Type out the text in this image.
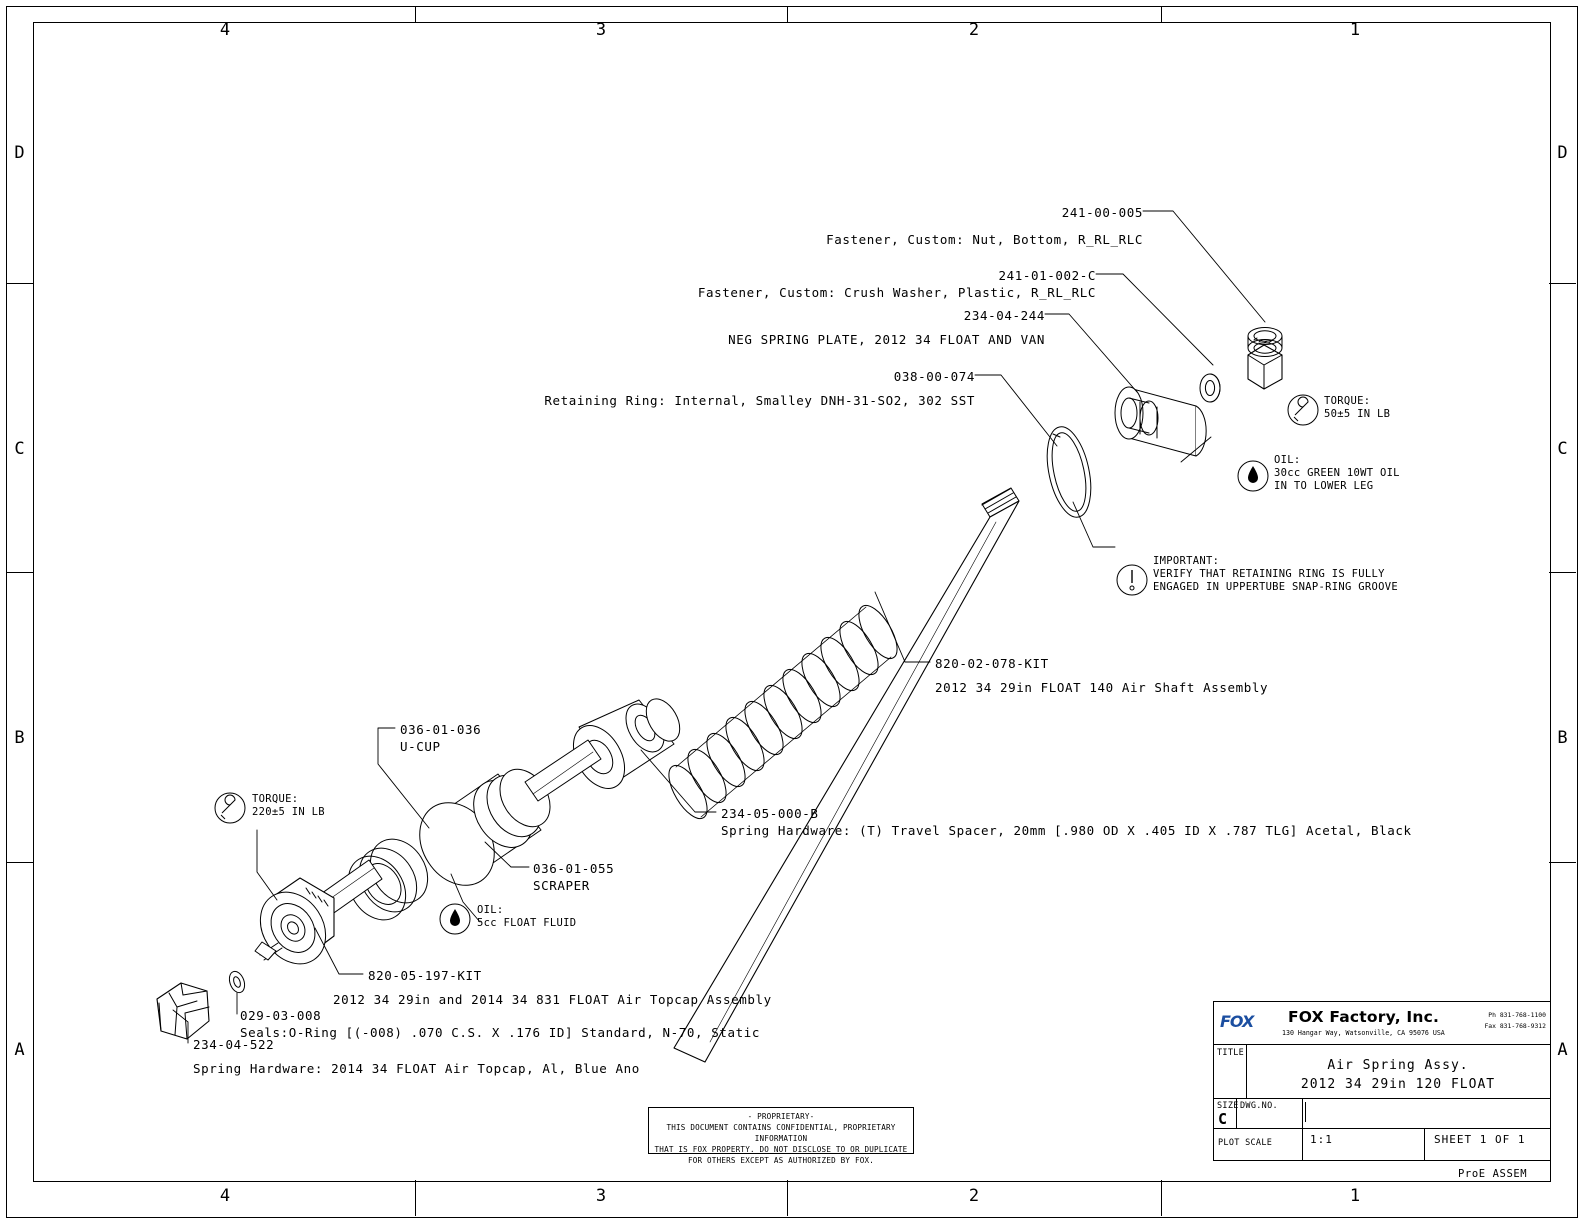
4	3	2	1
4	3	2	1
D
C
B
A
D
C
B
A
TORQUE:
50±5 IN LB
OIL:
30cc GREEN 10WT OIL
IN TO LOWER LEG
IMPORTANT:
VERIFY THAT RETAINING RING IS FULLY
ENGAGED IN UPPERTUBE SNAP-RING GROOVE
TORQUE:
220±5 IN LB
OIL:
5cc FLOAT FLUID
241-00-005
Fastener, Custom: Nut, Bottom, R_RL_RLC
241-01-002-C
Fastener, Custom: Crush Washer, Plastic, R_RL_RLC
234-04-244
NEG SPRING PLATE, 2012 34 FLOAT AND VAN
038-00-074
Retaining Ring: Internal, Smalley DNH-31-SO2, 302 SST
820-02-078-KIT
2012 34 29in FLOAT 140 Air Shaft Assembly
036-01-036
U-CUP
036-01-055
SCRAPER
234-05-000-B
Spring Hardware: (T) Travel Spacer, 20mm [.980 OD X .405 ID X .787 TLG] Acetal, Black
820-05-197-KIT
2012 34 29in and 2014 34 831 FLOAT Air Topcap Assembly
029-03-008
Seals:O-Ring [(-008) .070 C.S. X .176 ID] Standard, N-70, Static
234-04-522
Spring Hardware: 2014 34 FLOAT Air Topcap, Al, Blue Ano
- PROPRIETARY-
THIS DOCUMENT CONTAINS CONFIDENTIAL, PROPRIETARY INFORMATION
THAT IS FOX PROPERTY. DO NOT DISCLOSE TO OR DUPLICATE
FOR OTHERS EXCEPT AS AUTHORIZED BY FOX.
FOX FOX Factory, Inc.
130 Hangar Way, Watsonville, CA 95076 USA
Ph 831-768-1100
Fax 831-768-9312
TITLE
Air Spring Assy.
2012 34 29in 120 FLOAT
SIZE DWG.NO.
C
PLOT SCALE	1:1	SHEET 1 OF 1
ProE ASSEM
